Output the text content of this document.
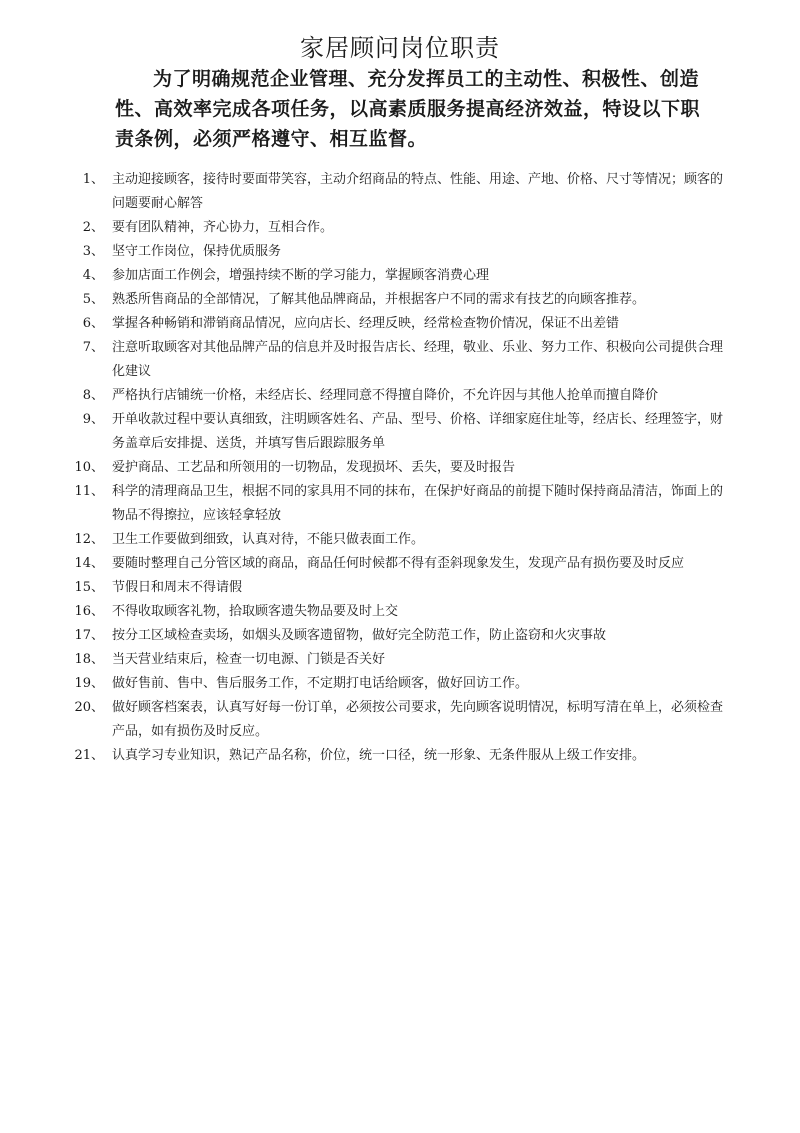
家居顾问岗位职责

为了明确规范企业管理、充分发挥员工的主动性、积极性、创造性、高效率完成各项任务，以高素质服务提高经济效益，特设以下职责条例，必须严格遵守、相互监督。

1、 主动迎接顾客，接待时要面带笑容，主动介绍商品的特点、性能、用途、产地、价格、尺寸等情况；顾客的问题要耐心解答
2、 要有团队精神，齐心协力，互相合作。
3、 坚守工作岗位，保持优质服务
4、 参加店面工作例会，增强持续不断的学习能力，掌握顾客消费心理
5、 熟悉所售商品的全部情况，了解其他品牌商品，并根据客户不同的需求有技艺的向顾客推荐。
6、 掌握各种畅销和滞销商品情况，应向店长、经理反映，经常检查物价情况，保证不出差错
7、 注意听取顾客对其他品牌产品的信息并及时报告店长、经理，敬业、乐业、努力工作、积极向公司提供合理化建议
8、 严格执行店铺统一价格，未经店长、经理同意不得擅自降价，不允许因与其他人抢单而擅自降价
9、 开单收款过程中要认真细致，注明顾客姓名、产品、型号、价格、详细家庭住址等，经店长、经理签字，财务盖章后安排提、送货，并填写售后跟踪服务单
10、 爱护商品、工艺品和所领用的一切物品，发现损坏、丢失，要及时报告
11、 科学的清理商品卫生，根据不同的家具用不同的抹布，在保护好商品的前提下随时保持商品清洁，饰面上的物品不得擦拉，应该轻拿轻放
12、 卫生工作要做到细致，认真对待，不能只做表面工作。
14、 要随时整理自己分管区域的商品，商品任何时候都不得有歪斜现象发生，发现产品有损伤要及时反应
15、 节假日和周末不得请假
16、 不得收取顾客礼物，拾取顾客遗失物品要及时上交
17、 按分工区域检查卖场，如烟头及顾客遗留物，做好完全防范工作，防止盗窃和火灾事故
18、 当天营业结束后，检查一切电源、门锁是否关好
19、 做好售前、售中、售后服务工作，不定期打电话给顾客，做好回访工作。
20、 做好顾客档案表，认真写好每一份订单，必须按公司要求，先向顾客说明情况，标明写清在单上，必须检查产品，如有损伤及时反应。
21、 认真学习专业知识，熟记产品名称，价位，统一口径，统一形象、无条件服从上级工作安排。
